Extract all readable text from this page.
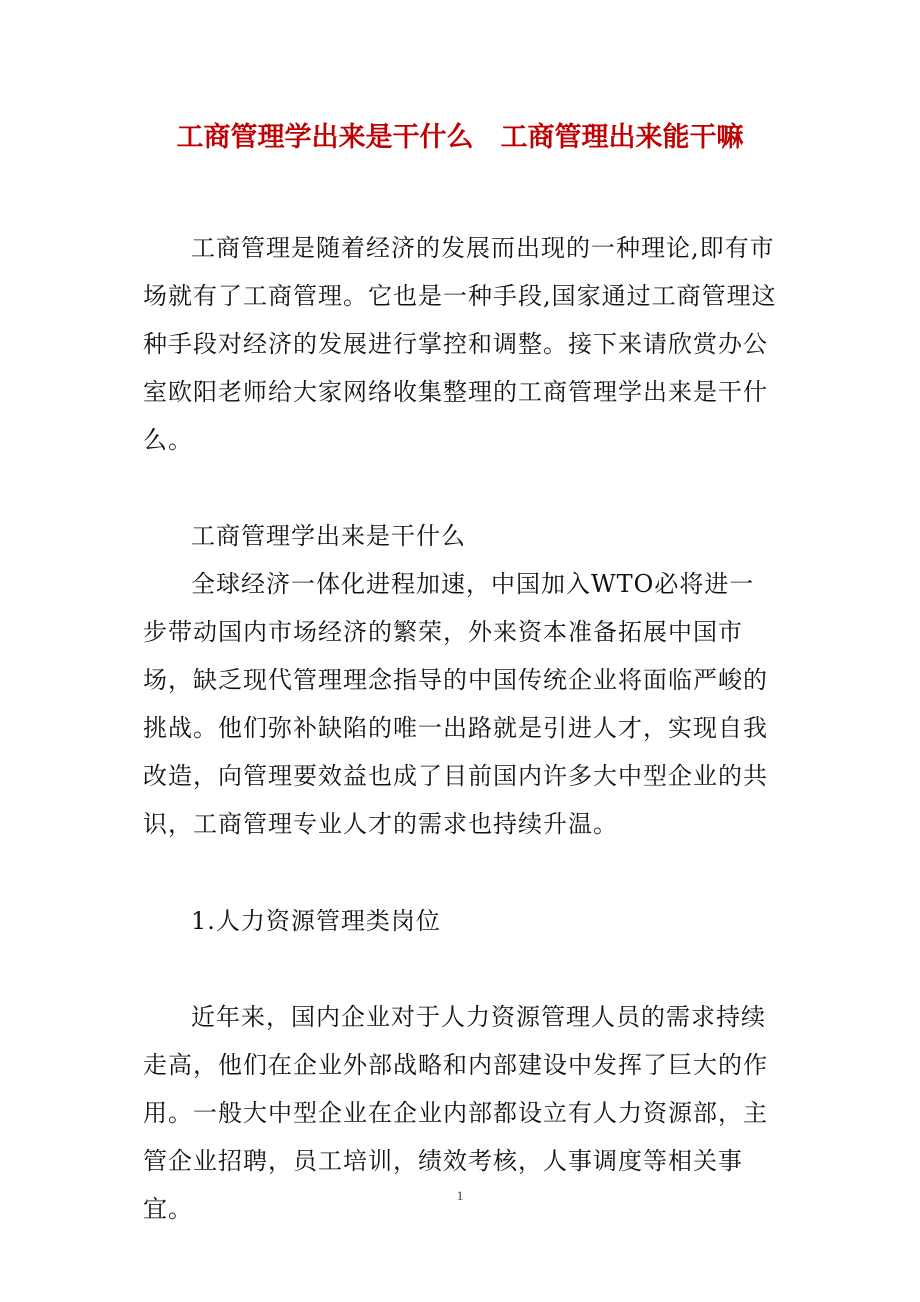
工商管理学出来是干什么  工商管理出来能干嘛
工商管理是随着经济的发展而出现的一种理论,即有市场就有了工商管理。它也是一种手段,国家通过工商管理这种手段对经济的发展进行掌控和调整。接下来请欣赏办公室欧阳老师给大家网络收集整理的工商管理学出来是干什么。
工商管理学出来是干什么
全球经济一体化进程加速，中国加入WTO必将进一步带动国内市场经济的繁荣，外来资本准备拓展中国市场，缺乏现代管理理念指导的中国传统企业将面临严峻的挑战。他们弥补缺陷的唯一出路就是引进人才，实现自我改造，向管理要效益也成了目前国内许多大中型企业的共识，工商管理专业人才的需求也持续升温。
1.人力资源管理类岗位
近年来，国内企业对于人力资源管理人员的需求持续走高，他们在企业外部战略和内部建设中发挥了巨大的作用。一般大中型企业在企业内部都设立有人力资源部，主管企业招聘，员工培训，绩效考核，人事调度等相关事宜。	1
